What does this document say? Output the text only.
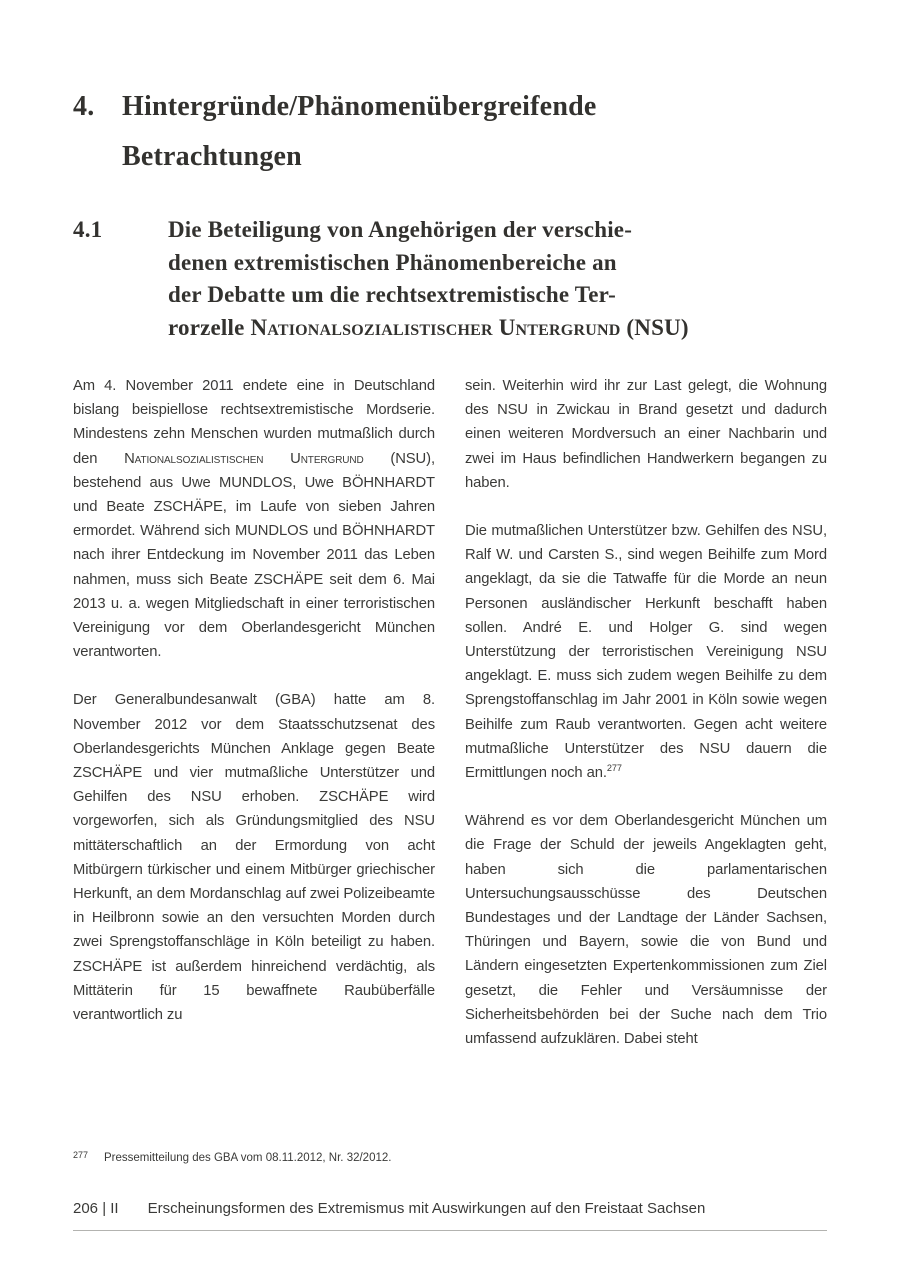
4. Hintergründe/Phänomenübergreifende
Betrachtungen
4.1	Die Beteiligung von Angehörigen der verschie-
denen extremistischen Phänomenbereiche an
der Debatte um die rechtsextremistische Ter-
rorzelle Nationalsozialistischer Untergrund (NSU)

Am 4. November 2011 endete eine in Deutschland bislang beispiellose rechtsextremistische Mordserie. Mindestens zehn Menschen wurden mutmaßlich durch den Nationalsozialistischen Untergrund (NSU), bestehend aus Uwe MUNDLOS, Uwe BÖHNHARDT und Beate ZSCHÄPE, im Laufe von sieben Jahren ermordet. Während sich MUNDLOS und BÖHNHARDT nach ihrer Entdeckung im November 2011 das Leben nahmen, muss sich Beate ZSCHÄPE seit dem 6. Mai 2013 u. a. wegen Mitgliedschaft in einer terroristischen Vereinigung vor dem Oberlandesgericht München verantworten.

Der Generalbundesanwalt (GBA) hatte am 8. November 2012 vor dem Staatsschutzsenat des Oberlandesgerichts München Anklage gegen Beate ZSCHÄPE und vier mutmaßliche Unterstützer und Gehilfen des NSU erhoben. ZSCHÄPE wird vorgeworfen, sich als Gründungsmitglied des NSU mittäterschaftlich an der Ermordung von acht Mitbürgern türkischer und einem Mitbürger griechischer Herkunft, an dem Mordanschlag auf zwei Polizeibeamte in Heilbronn sowie an den versuchten Morden durch zwei Sprengstoffanschläge in Köln beteiligt zu haben. ZSCHÄPE ist außerdem hinreichend verdächtig, als Mittäterin für 15 bewaffnete Raubüberfälle verantwortlich zu

sein. Weiterhin wird ihr zur Last gelegt, die Wohnung des NSU in Zwickau in Brand gesetzt und dadurch einen weiteren Mordversuch an einer Nachbarin und zwei im Haus befindlichen Handwerkern begangen zu haben.

Die mutmaßlichen Unterstützer bzw. Gehilfen des NSU, Ralf W. und Carsten S., sind wegen Beihilfe zum Mord angeklagt, da sie die Tatwaffe für die Morde an neun Personen ausländischer Herkunft beschafft haben sollen. André E. und Holger G. sind wegen Unterstützung der terroristischen Vereinigung NSU angeklagt. E. muss sich zudem wegen Beihilfe zu dem Sprengstoffanschlag im Jahr 2001 in Köln sowie wegen Beihilfe zum Raub verantworten. Gegen acht weitere mutmaßliche Unterstützer des NSU dauern die Ermittlungen noch an.$^{277}$

Während es vor dem Oberlandesgericht München um die Frage der Schuld der jeweils Angeklagten geht, haben sich die parlamentarischen Untersuchungsausschüsse des Deutschen Bundestages und der Landtage der Länder Sachsen, Thüringen und Bayern, sowie die von Bund und Ländern eingesetzten Expertenkommissionen zum Ziel gesetzt, die Fehler und Versäumnisse der Sicherheitsbehörden bei der Suche nach dem Trio umfassend aufzuklären. Dabei steht

277	Pressemitteilung des GBA vom 08.11.2012, Nr. 32/2012.
206 | II Erscheinungsformen des Extremismus mit Auswirkungen auf den Freistaat Sachsen
